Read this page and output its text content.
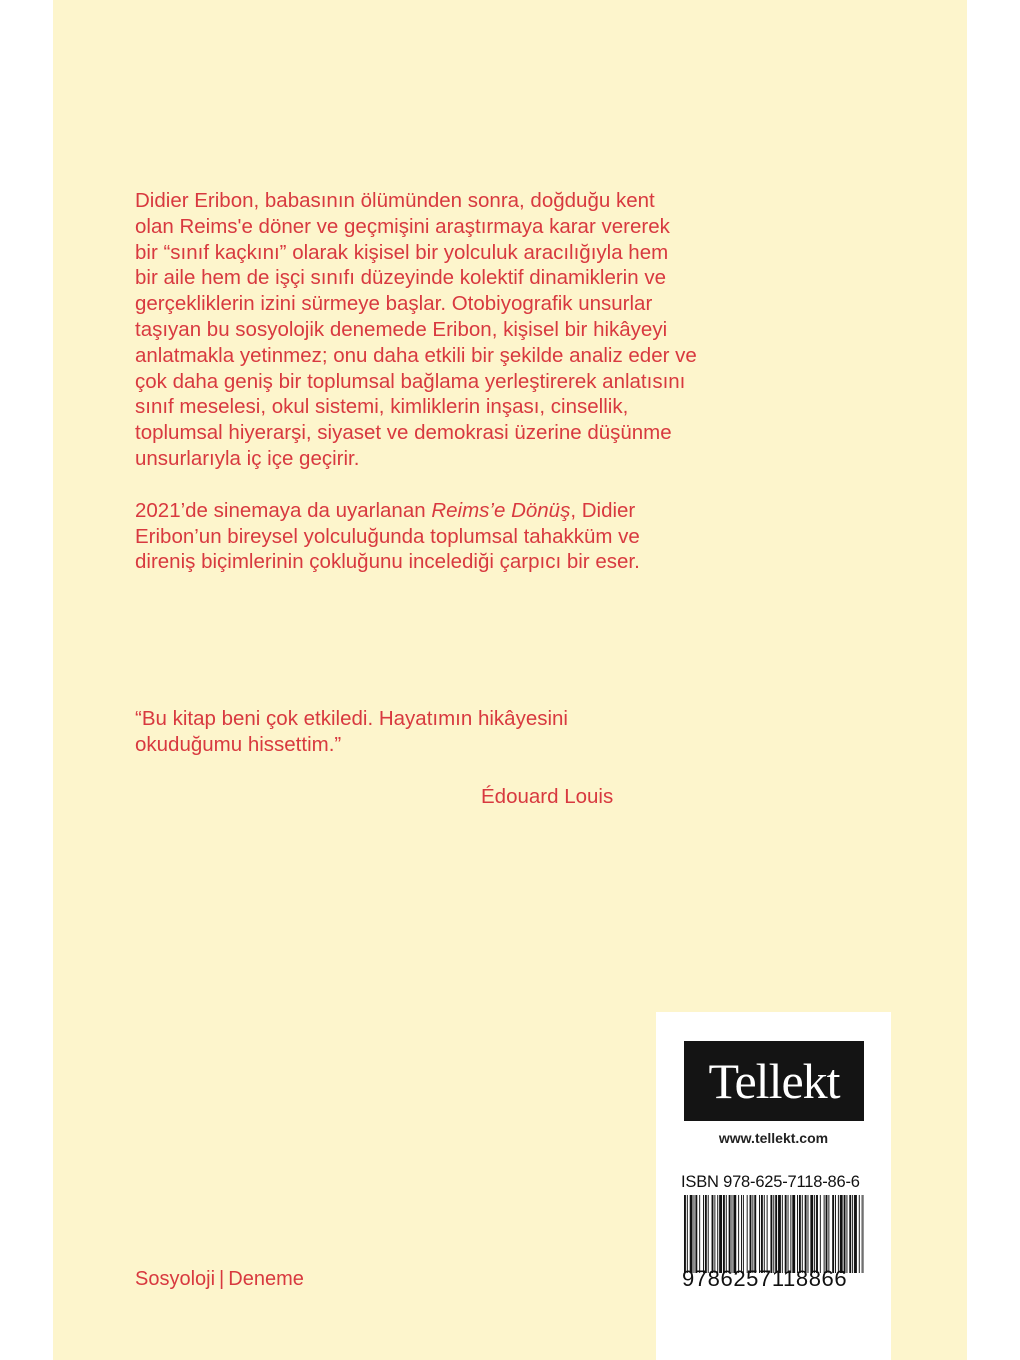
Didier Eribon, babasının ölümünden sonra, doğduğu kent
olan Reims'e döner ve geçmişini araştırmaya karar vererek
bir “sınıf kaçkını” olarak kişisel bir yolculuk aracılığıyla hem
bir aile hem de işçi sınıfı düzeyinde kolektif dinamiklerin ve
gerçekliklerin izini sürmeye başlar. Otobiyografik unsurlar
taşıyan bu sosyolojik denemede Eribon, kişisel bir hikâyeyi
anlatmakla yetinmez; onu daha etkili bir şekilde analiz eder ve
çok daha geniş bir toplumsal bağlama yerleştirerek anlatısını
sınıf meselesi, okul sistemi, kimliklerin inşası, cinsellik,
toplumsal hiyerarşi, siyaset ve demokrasi üzerine düşünme
unsurlarıyla iç içe geçirir.

2021’de sinemaya da uyarlanan Reims’e Dönüş, Didier
Eribon’un bireysel yolculuğunda toplumsal tahakküm ve
direniş biçimlerinin çokluğunu incelediği çarpıcı bir eser.

“Bu kitap beni çok etkiledi. Hayatımın hikâyesini
okuduğumu hissettim.”
Édouard Louis
Sosyoloji | Deneme
Tellekt
www.tellekt.com
ISBN 978-625-7118-86-6
9786257118866
